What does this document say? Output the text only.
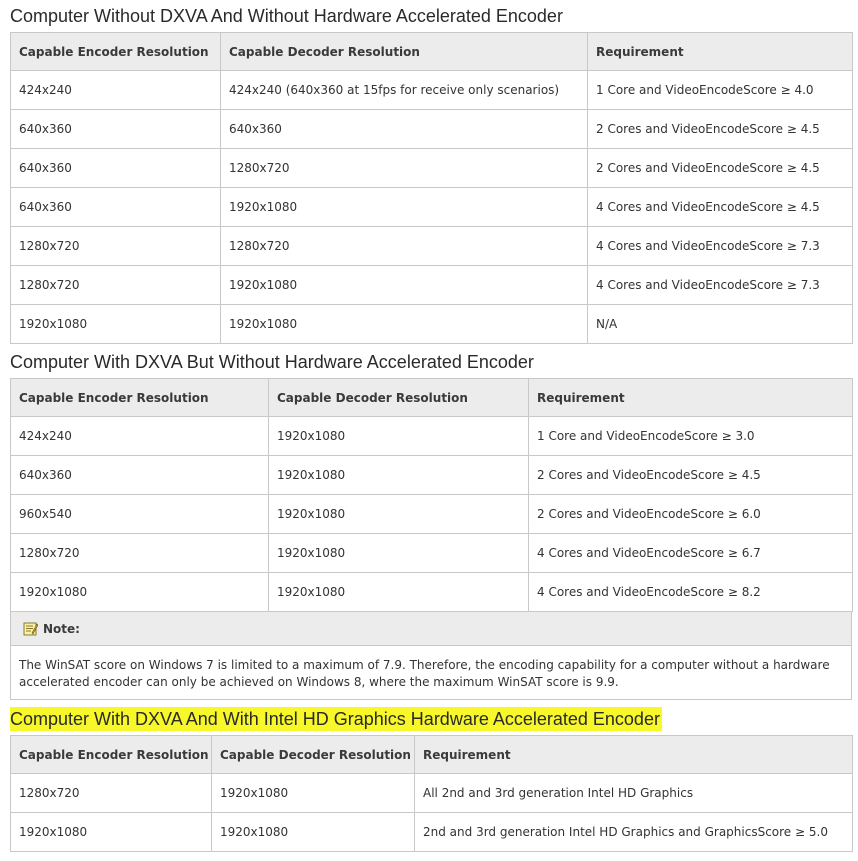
Computer Without DXVA And Without Hardware Accelerated Encoder
Capable Encoder Resolution	Capable Decoder Resolution	Requirement
424x240	424x240 (640x360 at 15fps for receive only scenarios)	1 Core and VideoEncodeScore ≥ 4.0
640x360	640x360	2 Cores and VideoEncodeScore ≥ 4.5
640x360	1280x720	2 Cores and VideoEncodeScore ≥ 4.5
640x360	1920x1080	4 Cores and VideoEncodeScore ≥ 4.5
1280x720	1280x720	4 Cores and VideoEncodeScore ≥ 7.3
1280x720	1920x1080	4 Cores and VideoEncodeScore ≥ 7.3
1920x1080	1920x1080	N/A
Computer With DXVA But Without Hardware Accelerated Encoder
Capable Encoder Resolution	Capable Decoder Resolution	Requirement
424x240	1920x1080	1 Core and VideoEncodeScore ≥ 3.0
640x360	1920x1080	2 Cores and VideoEncodeScore ≥ 4.5
960x540	1920x1080	2 Cores and VideoEncodeScore ≥ 6.0
1280x720	1920x1080	4 Cores and VideoEncodeScore ≥ 6.7
1920x1080	1920x1080	4 Cores and VideoEncodeScore ≥ 8.2
Note:
The WinSAT score on Windows 7 is limited to a maximum of 7.9. Therefore, the encoding capability for a computer without a hardware accelerated encoder can only be achieved on Windows 8, where the maximum WinSAT score is 9.9.
Computer With DXVA And With Intel HD Graphics Hardware Accelerated Encoder
Capable Encoder Resolution	Capable Decoder Resolution	Requirement
1280x720	1920x1080	All 2nd and 3rd generation Intel HD Graphics
1920x1080	1920x1080	2nd and 3rd generation Intel HD Graphics and GraphicsScore ≥ 5.0
